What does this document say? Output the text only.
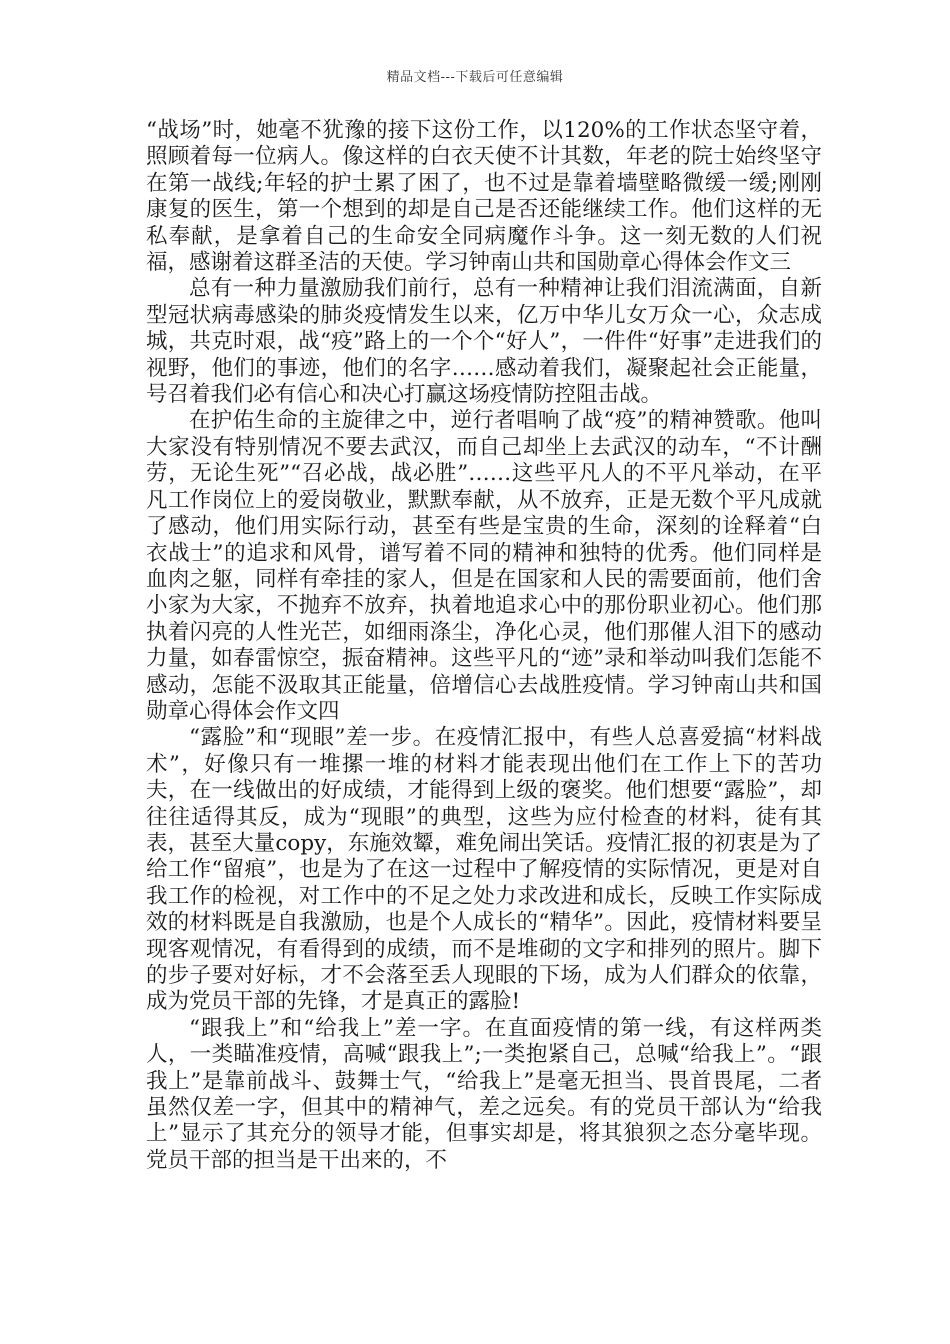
精品文档---下载后可任意编辑

“战场”时，她毫不犹豫的接下这份工作，以120%的工作状态坚守着，照顾着每一位病人。像这样的白衣天使不计其数，年老的院士始终坚守在第一战线;年轻的护士累了困了，也不过是靠着墙壁略微缓一缓;刚刚康复的医生，第一个想到的却是自己是否还能继续工作。他们这样的无私奉献，是拿着自己的生命安全同病魔作斗争。这一刻无数的人们祝福，感谢着这群圣洁的天使。学习钟南山共和国勋章心得体会作文三

总有一种力量激励我们前行，总有一种精神让我们泪流满面，自新型冠状病毒感染的肺炎疫情发生以来，亿万中华儿女万众一心，众志成城，共克时艰，战“疫”路上的一个个“好人”，一件件“好事”走进我们的视野，他们的事迹，他们的名字……感动着我们，凝聚起社会正能量，号召着我们必有信心和决心打赢这场疫情防控阻击战。

在护佑生命的主旋律之中，逆行者唱响了战“疫”的精神赞歌。他叫大家没有特别情况不要去武汉，而自己却坐上去武汉的动车，“不计酬劳，无论生死”“召必战，战必胜”……这些平凡人的不平凡举动，在平凡工作岗位上的爱岗敬业，默默奉献，从不放弃，正是无数个平凡成就了感动，他们用实际行动，甚至有些是宝贵的生命，深刻的诠释着“白衣战士”的追求和风骨，谱写着不同的精神和独特的优秀。他们同样是血肉之躯，同样有牵挂的家人，但是在国家和人民的需要面前，他们舍小家为大家，不抛弃不放弃，执着地追求心中的那份职业初心。他们那执着闪亮的人性光芒，如细雨涤尘，净化心灵，他们那催人泪下的感动力量，如春雷惊空，振奋精神。这些平凡的“迹”录和举动叫我们怎能不感动，怎能不汲取其正能量，倍增信心去战胜疫情。学习钟南山共和国勋章心得体会作文四

“露脸”和“现眼”差一步。在疫情汇报中，有些人总喜爱搞“材料战术”，好像只有一堆摞一堆的材料才能表现出他们在工作上下的苦功夫，在一线做出的好成绩，才能得到上级的褒奖。他们想要“露脸”，却往往适得其反，成为“现眼”的典型，这些为应付检查的材料，徒有其表，甚至大量copy，东施效颦，难免闹出笑话。疫情汇报的初衷是为了给工作“留痕”，也是为了在这一过程中了解疫情的实际情况，更是对自我工作的检视，对工作中的不足之处力求改进和成长，反映工作实际成效的材料既是自我激励，也是个人成长的“精华”。因此，疫情材料要呈现客观情况，有看得到的成绩，而不是堆砌的文字和排列的照片。脚下的步子要对好标，才不会落至丢人现眼的下场，成为人们群众的依靠，成为党员干部的先锋，才是真正的露脸!

“跟我上”和“给我上”差一字。在直面疫情的第一线，有这样两类人，一类瞄准疫情，高喊“跟我上”;一类抱紧自己，总喊“给我上”。“跟我上”是靠前战斗、鼓舞士气，“给我上”是毫无担当、畏首畏尾，二者虽然仅差一字，但其中的精神气，差之远矣。有的党员干部认为“给我上”显示了其充分的领导才能，但事实却是，将其狼狈之态分毫毕现。党员干部的担当是干出来的，不
